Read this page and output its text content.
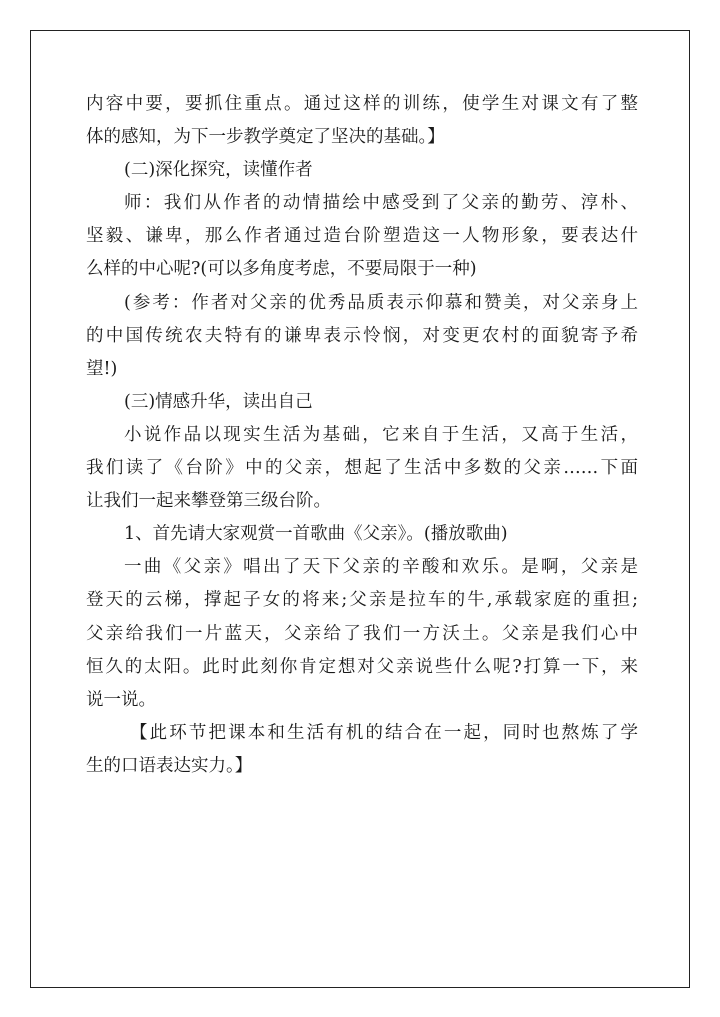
内容中要，要抓住重点。通过这样的训练，使学生对课文有了整
体的感知，为下一步教学奠定了坚决的基础。】
(二)深化探究，读懂作者
师：我们从作者的动情描绘中感受到了父亲的勤劳、淳朴、
坚毅、谦卑，那么作者通过造台阶塑造这一人物形象，要表达什
么样的中心呢?(可以多角度考虑，不要局限于一种)
(参考：作者对父亲的优秀品质表示仰慕和赞美，对父亲身上
的中国传统农夫特有的谦卑表示怜悯，对变更农村的面貌寄予希
望!)
(三)情感升华，读出自己
小说作品以现实生活为基础，它来自于生活，又高于生活，
我们读了《台阶》中的父亲，想起了生活中多数的父亲……下面
让我们一起来攀登第三级台阶。
1、首先请大家观赏一首歌曲《父亲》。(播放歌曲)
一曲《父亲》唱出了天下父亲的辛酸和欢乐。是啊，父亲是
登天的云梯，撑起子女的将来;父亲是拉车的牛,承载家庭的重担;
父亲给我们一片蓝天，父亲给了我们一方沃土。父亲是我们心中
恒久的太阳。此时此刻你肯定想对父亲说些什么呢?打算一下，来
说一说。
【此环节把课本和生活有机的结合在一起，同时也熬炼了学
生的口语表达实力。】
